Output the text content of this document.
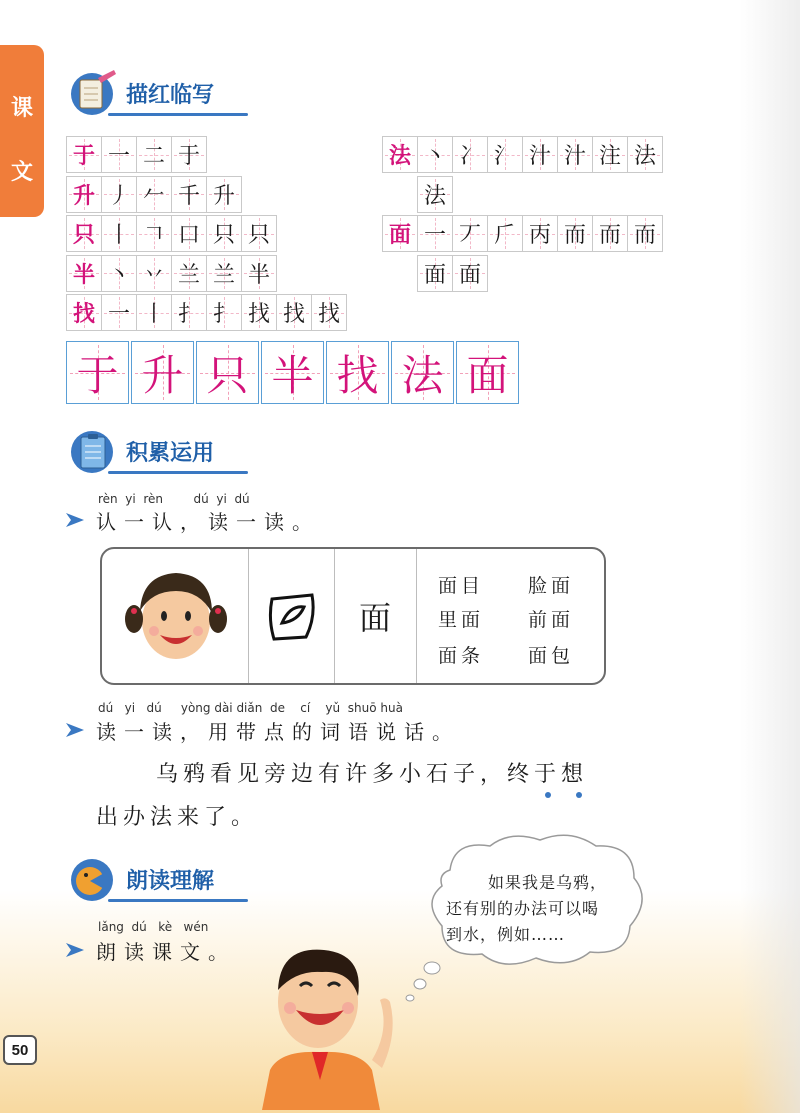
课
文
描红临写
于 一 二 于
升 丿 𠂉 千 升
只 丨 𠃍 口 只 只
半 丶 丷 兰 兰 半
找 一 丨 扌 扌 找 找 找
法 丶 冫 氵 汁 汁 注 法
法
面 一 丆 𠂆 丙 而 而 而
面 面
于 升 只 半 找 法 面
积累运用
rèn  yi  rèn        dú  yi  dú
认一认，读一读。
面
面目 脸面
里面 前面
面条 面包
dú   yi   dú     yòng dài diǎn  de    cí    yǔ  shuō huà
读一读，用带点的词语说话。
乌鸦看见旁边有许多小石子，终于想
出办法来了。
朗读理解
lǎng  dú   kè   wén
朗读课文。
如果我是乌鸦，
还有别的办法可以喝
到水，例如……
50
